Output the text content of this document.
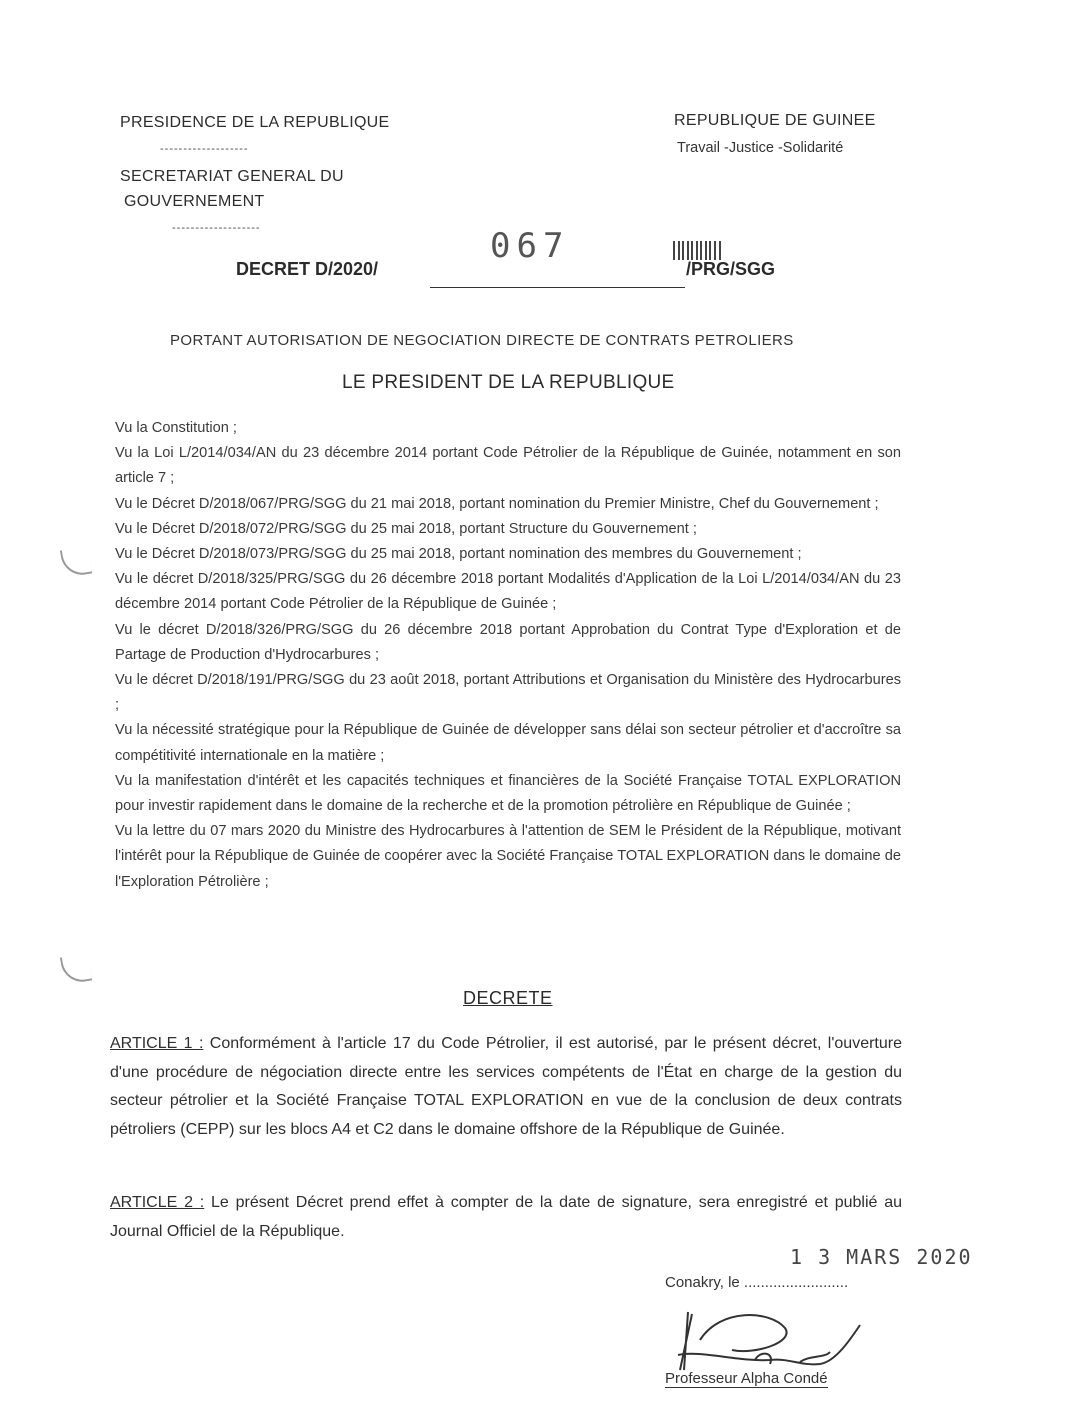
PRESIDENCE DE LA REPUBLIQUE
-------------------
SECRETARIAT GENERAL DU
GOUVERNEMENT
-------------------
REPUBLIQUE DE GUINEE
Travail -Justice -Solidarité
DECRET D/2020/
067
/PRG/SGG
PORTANT AUTORISATION DE NEGOCIATION DIRECTE DE CONTRATS PETROLIERS
LE PRESIDENT DE LA REPUBLIQUE

Vu la Constitution ;

Vu la Loi L/2014/034/AN du 23 décembre 2014 portant Code Pétrolier de la République de Guinée, notamment en son article 7 ;

Vu le Décret D/2018/067/PRG/SGG du 21 mai 2018, portant nomination du Premier Ministre, Chef du Gouvernement ;

Vu le Décret D/2018/072/PRG/SGG du 25 mai 2018, portant Structure du Gouvernement ;

Vu le Décret D/2018/073/PRG/SGG du 25 mai 2018, portant nomination des membres du Gouvernement ;

Vu le décret D/2018/325/PRG/SGG du 26 décembre 2018 portant Modalités d'Application de la Loi L/2014/034/AN du 23 décembre 2014 portant Code Pétrolier de la République de Guinée ;

Vu le décret D/2018/326/PRG/SGG du 26 décembre 2018 portant Approbation du Contrat Type d'Exploration et de Partage de Production d'Hydrocarbures ;

Vu le décret D/2018/191/PRG/SGG du 23 août 2018, portant Attributions et Organisation du Ministère des Hydrocarbures ;

Vu la nécessité stratégique pour la République de Guinée de développer sans délai son secteur pétrolier et d'accroître sa compétitivité internationale en la matière ;

Vu la manifestation d'intérêt et les capacités techniques et financières de la Société Française TOTAL EXPLORATION pour investir rapidement dans le domaine de la recherche et de la promotion pétrolière en République de Guinée ;

Vu la lettre du 07 mars 2020 du Ministre des Hydrocarbures à l'attention de SEM le Président de la République, motivant l'intérêt pour la République de Guinée de coopérer avec la Société Française TOTAL EXPLORATION dans le domaine de l'Exploration Pétrolière ;

DECRETE

ARTICLE 1 : Conformément à l'article 17 du Code Pétrolier, il est autorisé, par le présent décret, l'ouverture d'une procédure de négociation directe entre les services compétents de l'État en charge de la gestion du secteur pétrolier et la Société Française TOTAL EXPLORATION en vue de la conclusion de deux contrats pétroliers (CEPP) sur les blocs A4 et C2 dans le domaine offshore de la République de Guinée.

ARTICLE 2 : Le présent Décret prend effet à compter de la date de signature, sera enregistré et publié au Journal Officiel de la République.

1 3 MARS 2020
Conakry, le .........................
Professeur Alpha Condé
